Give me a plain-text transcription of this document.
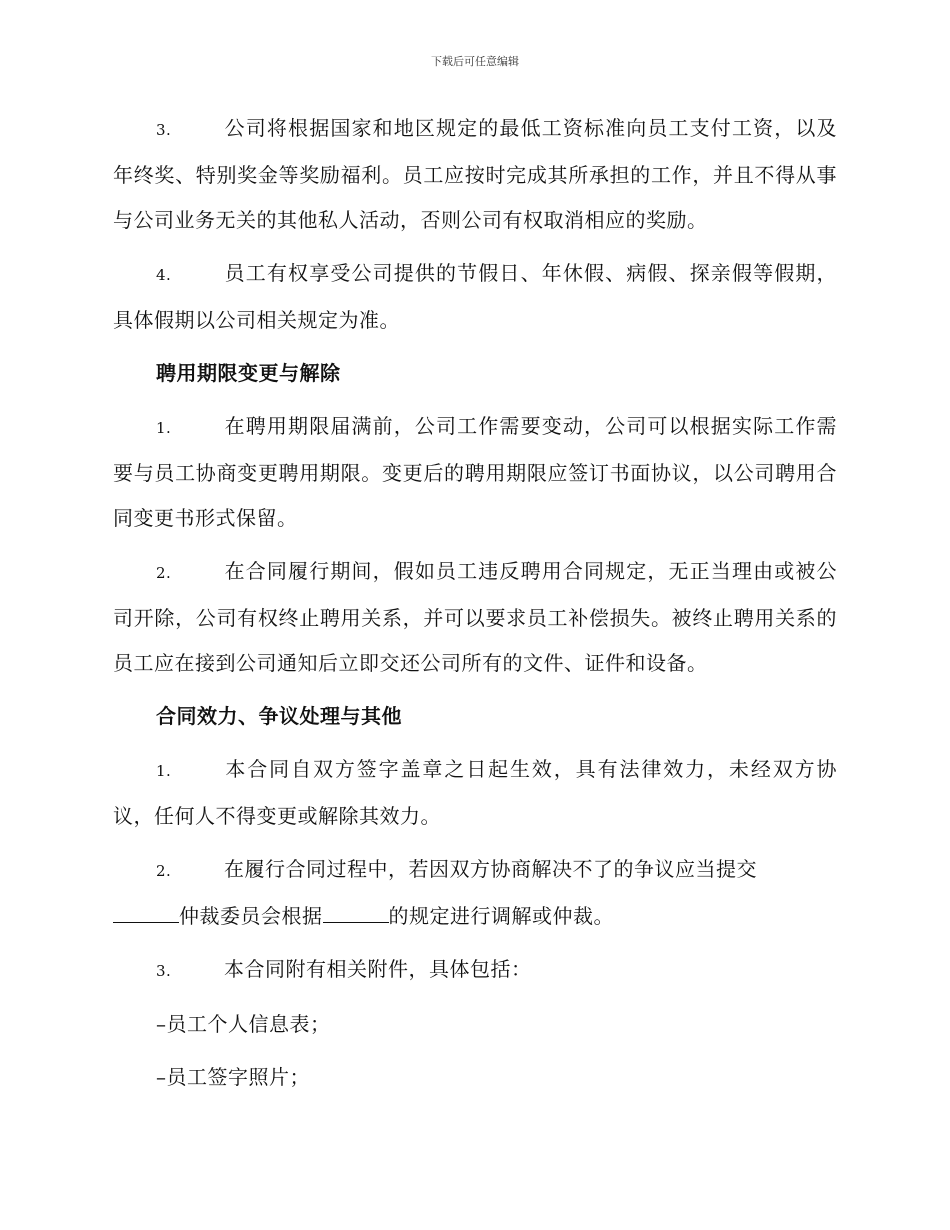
下载后可任意编辑

3.	公司将根据国家和地区规定的最低工资标准向员工支付工资，以及年终奖、特别奖金等奖励福利。员工应按时完成其所承担的工作，并且不得从事与公司业务无关的其他私人活动，否则公司有权取消相应的奖励。

4.	员工有权享受公司提供的节假日、年休假、病假、探亲假等假期，具体假期以公司相关规定为准。

聘用期限变更与解除

1.	在聘用期限届满前，公司工作需要变动，公司可以根据实际工作需要与员工协商变更聘用期限。变更后的聘用期限应签订书面协议，以公司聘用合同变更书形式保留。

2.	在合同履行期间，假如员工违反聘用合同规定，无正当理由或被公司开除，公司有权终止聘用关系，并可以要求员工补偿损失。被终止聘用关系的员工应在接到公司通知后立即交还公司所有的文件、证件和设备。

合同效力、争议处理与其他

1.	本合同自双方签字盖章之日起生效，具有法律效力，未经双方协议，任何人不得变更或解除其效力。

2.	在履行合同过程中，若因双方协商解决不了的争议应当提交
仲裁委员会根据	的规定进行调解或仲裁。

3.	本合同附有相关附件，具体包括：

–员工个人信息表；

–员工签字照片；
